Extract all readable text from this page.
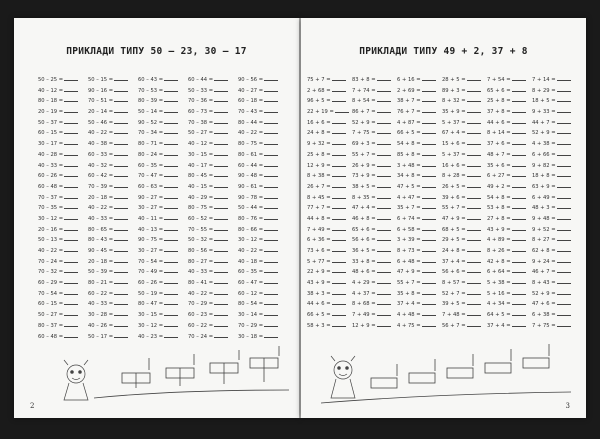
ПРИКЛАДИ ТИПУ 50 – 23, 30 – 17
50 – 25 =	50 – 15 =	60 – 43 =	60 – 44 =	90 – 56 =
40 – 12 =	90 – 16 =	70 – 53 =	50 – 33 =	40 – 27 =
80 – 18 =	70 – 51 =	80 – 39 =	70 – 36 =	60 – 18 =
20 – 19 =	20 – 14 =	50 – 14 =	60 – 73 =	70 – 43 =
50 – 37 =	50 – 46 =	90 – 52 =	70 – 38 =	80 – 44 =
60 – 15 =	40 – 22 =	70 – 34 =	50 – 27 =	40 – 22 =
30 – 17 =	40 – 38 =	80 – 71 =	40 – 12 =	80 – 75 =
40 – 28 =	60 – 33 =	80 – 24 =	30 – 15 =	80 – 61 =
40 – 33 =	40 – 32 =	60 – 35 =	40 – 17 =	60 – 44 =
60 – 26 =	60 – 42 =	70 – 47 =	80 – 45 =	90 – 48 =
60 – 48 =	70 – 39 =	60 – 63 =	40 – 15 =	90 – 61 =
70 – 37 =	20 – 18 =	90 – 27 =	40 – 29 =	90 – 78 =
70 – 35 =	40 – 22 =	30 – 27 =	80 – 75 =	50 – 44 =
30 – 12 =	40 – 33 =	40 – 11 =	60 – 52 =	80 – 76 =
20 – 16 =	80 – 65 =	40 – 13 =	70 – 55 =	80 – 66 =
50 – 13 =	80 – 43 =	90 – 75 =	50 – 32 =	30 – 12 =
40 – 22 =	90 – 45 =	30 – 27 =	80 – 56 =	40 – 22 =
70 – 24 =	20 – 18 =	70 – 54 =	80 – 27 =	40 – 18 =
70 – 32 =	50 – 39 =	70 – 49 =	40 – 33 =	60 – 35 =
60 – 29 =	80 – 21 =	60 – 26 =	80 – 41 =	60 – 47 =
70 – 54 =	60 – 22 =	50 – 19 =	40 – 22 =	60 – 12 =
60 – 15 =	40 – 33 =	80 – 47 =	70 – 29 =	80 – 54 =
50 – 27 =	30 – 28 =	30 – 15 =	60 – 23 =	30 – 14 =
80 – 37 =	40 – 26 =	30 – 12 =	60 – 22 =	70 – 29 =
60 – 48 =	50 – 17 =	40 – 23 =	70 – 24 =	30 – 18 =
2
ПРИКЛАДИ ТИПУ 49 + 2, 37 + 8
75 + 7 =	83 + 8 =	6 + 16 =	28 + 5 =	7 + 54 =	7 + 14 =
2 + 68 =	7 + 74 =	2 + 69 =	89 + 3 =	65 + 6 =	8 + 29 =
96 + 5 =	8 + 54 =	38 + 7 =	8 + 32 =	25 + 8 =	18 + 5 =
22 + 19 =	86 + 7 =	76 + 7 =	35 + 9 =	37 + 8 =	9 + 33 =
16 + 6 =	52 + 9 =	4 + 87 =	5 + 37 =	44 + 6 =	44 + 7 =
24 + 8 =	7 + 75 =	66 + 5 =	67 + 4 =	8 + 14 =	52 + 9 =
9 + 32 =	69 + 3 =	54 + 8 =	15 + 6 =	37 + 6 =	4 + 38 =
25 + 8 =	55 + 7 =	85 + 8 =	5 + 37 =	48 + 7 =	6 + 66 =
12 + 9 =	26 + 9 =	3 + 48 =	16 + 6 =	35 + 6 =	9 + 82 =
8 + 38 =	73 + 9 =	34 + 8 =	8 + 28 =	6 + 27 =	18 + 8 =
26 + 7 =	38 + 5 =	47 + 5 =	26 + 5 =	49 + 2 =	63 + 9 =
8 + 45 =	8 + 35 =	4 + 47 =	39 + 6 =	54 + 8 =	6 + 49 =
77 + 7 =	47 + 4 =	35 + 7 =	55 + 7 =	53 + 8 =	48 + 3 =
44 + 8 =	46 + 8 =	6 + 74 =	47 + 9 =	27 + 8 =	9 + 48 =
7 + 49 =	65 + 6 =	6 + 58 =	68 + 5 =	43 + 9 =	9 + 52 =
6 + 36 =	56 + 6 =	3 + 39 =	29 + 5 =	4 + 89 =	8 + 27 =
73 + 6 =	36 + 5 =	8 + 73 =	24 + 8 =	8 + 26 =	62 + 8 =
5 + 77 =	33 + 8 =	6 + 48 =	37 + 4 =	42 + 8 =	9 + 24 =
22 + 9 =	48 + 6 =	47 + 9 =	56 + 6 =	6 + 64 =	46 + 7 =
43 + 9 =	4 + 29 =	55 + 7 =	8 + 57 =	5 + 38 =	8 + 43 =
38 + 3 =	4 + 37 =	35 + 8 =	52 + 7 =	5 + 16 =	52 + 9 =
44 + 6 =	8 + 68 =	37 + 4 =	39 + 5 =	4 + 34 =	47 + 6 =
66 + 5 =	7 + 49 =	4 + 48 =	7 + 48 =	64 + 5 =	6 + 38 =
58 + 3 =	12 + 9 =	4 + 75 =	56 + 7 =	37 + 4 =	7 + 75 =
3
